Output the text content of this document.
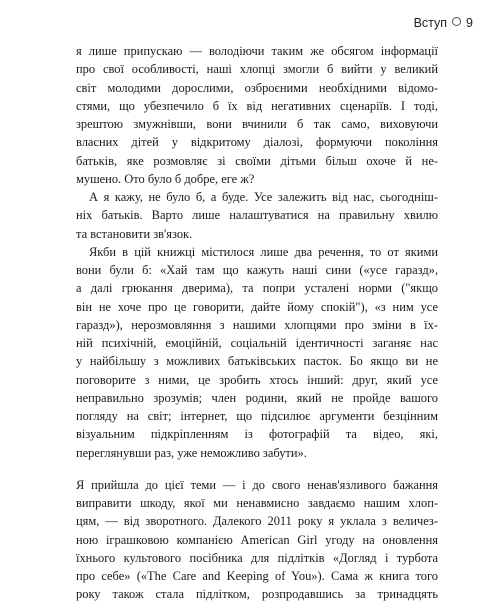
Вступ 9

я лише припускаю — володіючи таким же обсягом інформації
про свої особливості, наші хлопці змогли б вийти у великий
світ молодими дорослими, озброєними необхідними відомо-
стями, що убезпечило б їх від негативних сценаріїв. І тоді,
зрештою змужнівши, вони вчинили б так само, виховуючи
власних дітей у відкритому діалозі, формуючи покоління
батьків, яке розмовляє зі своїми дітьми більш охоче й не-
мушено. Ото було б добре, еге ж?

А я кажу, не було б, а буде. Усе залежить від нас, сьогоднiш-
ніх батьків. Варто лише налаштуватися на правильну хвилю
та встановити зв'язок.

Якби в цій книжці містилося лише два речення, то от якими
вони були б: «Хай там що кажуть наші сини («усе гаразд»,
а далі грюкання дверима), та попри усталені норми ("якщо
він не хоче про це говорити, дайте йому спокій"), «з ним усе
гаразд»), нерозмовляння з нашими хлопцями про зміни в їх-
ній психічній, емоційній, соціальній ідентичності заганяє нас
у найбільшу з можливих батьківських пасток. Бо якщо ви не
поговорите з ними, це зробить хтось інший: друг, який усе
неправильно зрозумів; член родини, який не пройде вашого
погляду на світ; інтернет, що підсилює аргументи безцінним
візуальним підкріпленням із фотографій та відео, які,
переглянувши раз, уже неможливо забути».

Я прийшла до цієї теми — і до свого ненав'язливого бажання
виправити шкоду, якої ми ненавмисно завдаємо нашим хлоп-
цям, — від зворотного. Далекого 2011 року я уклала з величез-
ною іграшковою компанією American Girl угоду на оновлення
їхнього культового посібника для підлітків «Догляд і турбота
про себе» («The Care and Keeping of You»). Сама ж книга того
року також стала підлітком, розпродавшись за тринадцять
